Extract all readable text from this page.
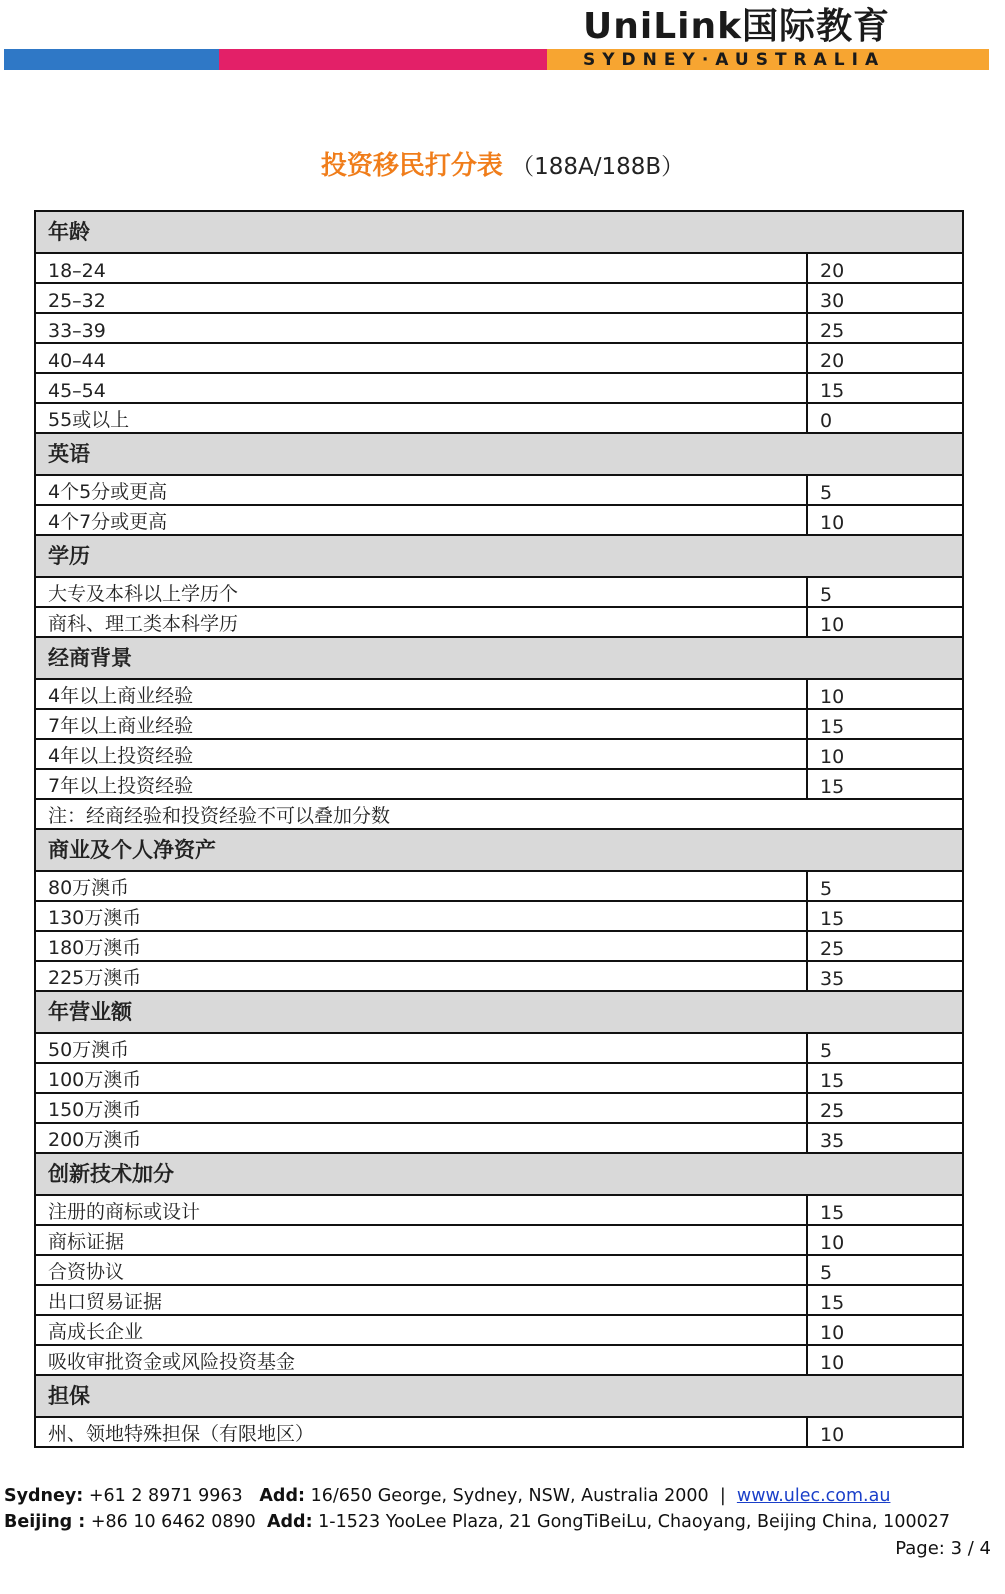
UniLink国际教育
SYDNEY·AUSTRALIA
投资移民打分表 （188A/188B）
年龄	
18–24	20
25–32	30
33–39	25
40–44	20
45–54	15
55或以上	0
英语	
4个5分或更高	5
4个7分或更高	10
学历	
大专及本科以上学历个	5
商科、理工类本科学历	10
经商背景	
4年以上商业经验	10
7年以上商业经验	15
4年以上投资经验	10
7年以上投资经验	15
注：经商经验和投资经验不可以叠加分数	
商业及个人净资产	
80万澳币	5
130万澳币	15
180万澳币	25
225万澳币	35
年营业额	
50万澳币	5
100万澳币	15
150万澳币	25
200万澳币	35
创新技术加分	
注册的商标或设计	15
商标证据	10
合资协议	5
出口贸易证据	15
高成长企业	10
吸收审批资金或风险投资基金	10
担保	
州、领地特殊担保（有限地区）	10
Sydney: +61 2 8971 9963 Add: 16/650 George, Sydney, NSW, Australia 2000 | www.ulec.com.au
Beijing : +86 10 6462 0890 Add: 1-1523 YooLee Plaza, 21 GongTiBeiLu, Chaoyang, Beijing China, 100027
Page: 3 / 4
